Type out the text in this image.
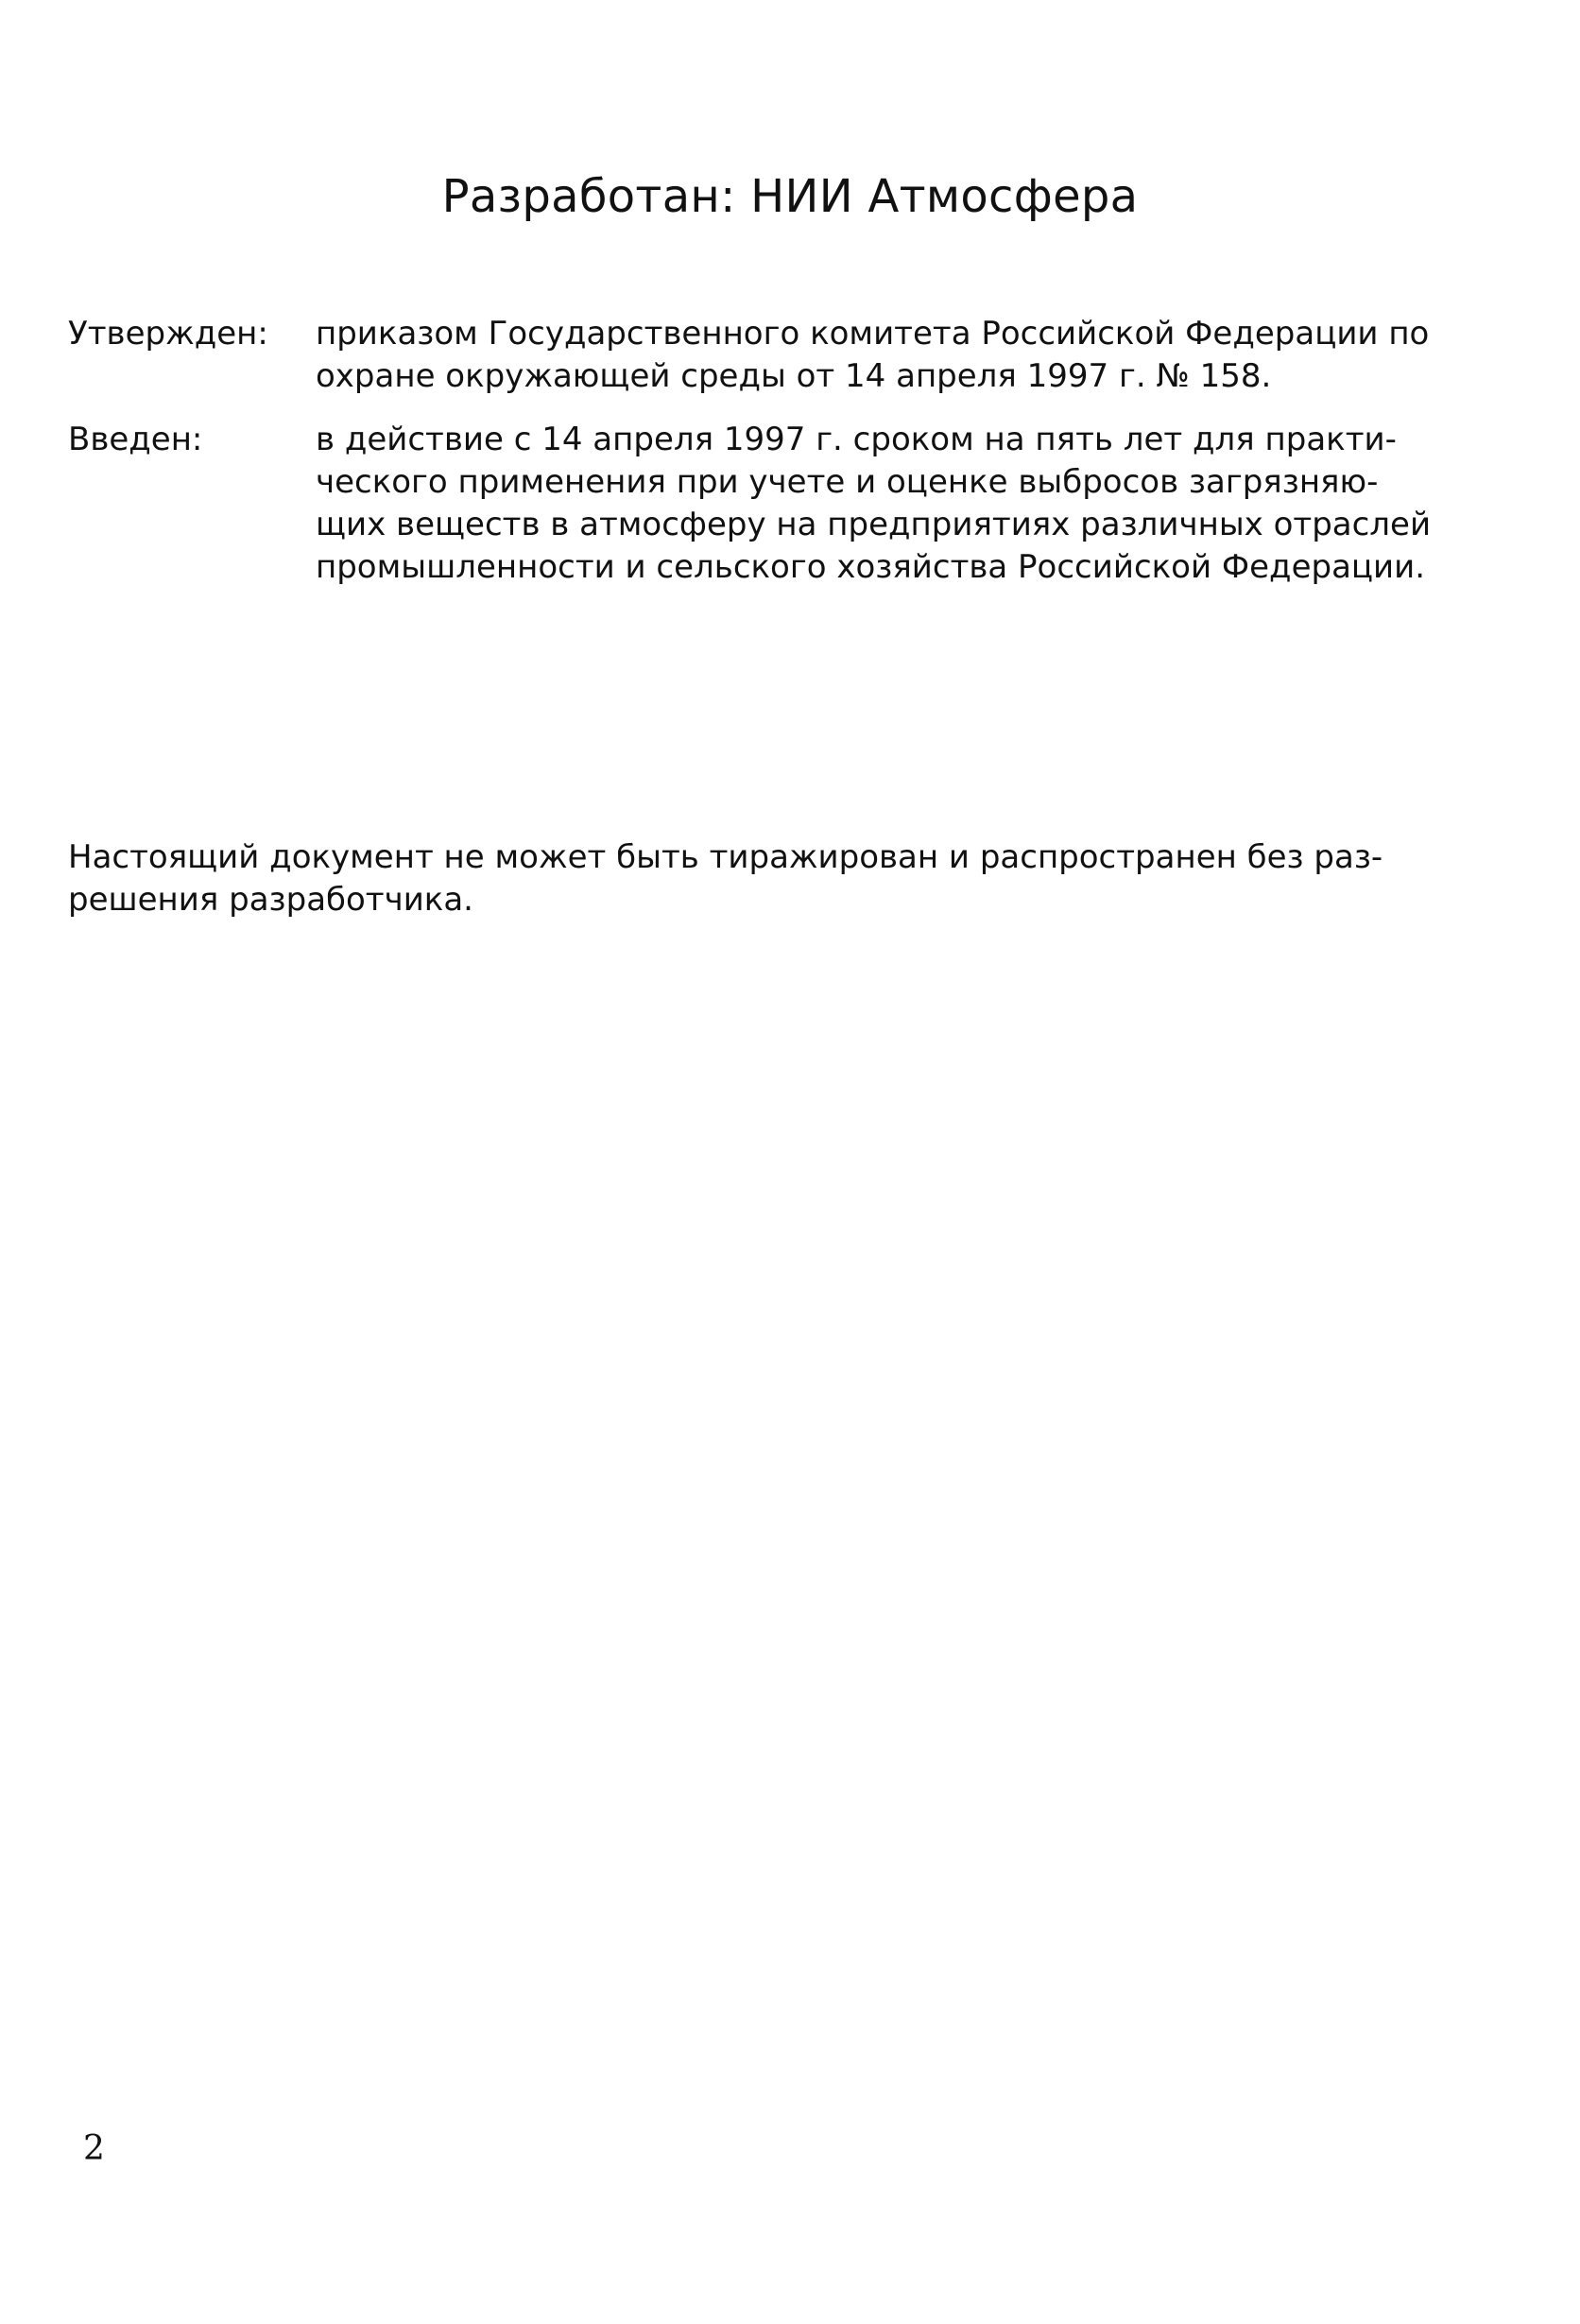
Разработан: НИИ Атмосфера
Утвержден:	приказом Государственного комитета Российской Федерации по
охране окружающей среды от 14 апреля 1997 г. № 158.
Введен:	в действие с 14 апреля 1997 г. сроком на пять лет для практи-
ческого применения при учете и оценке выбросов загрязняю-
щих веществ в атмосферу на предприятиях различных отраслей
промышленности и сельского хозяйства Российской Федерации.
Настоящий документ не может быть тиражирован и распространен без раз-
решения разработчика.
2
